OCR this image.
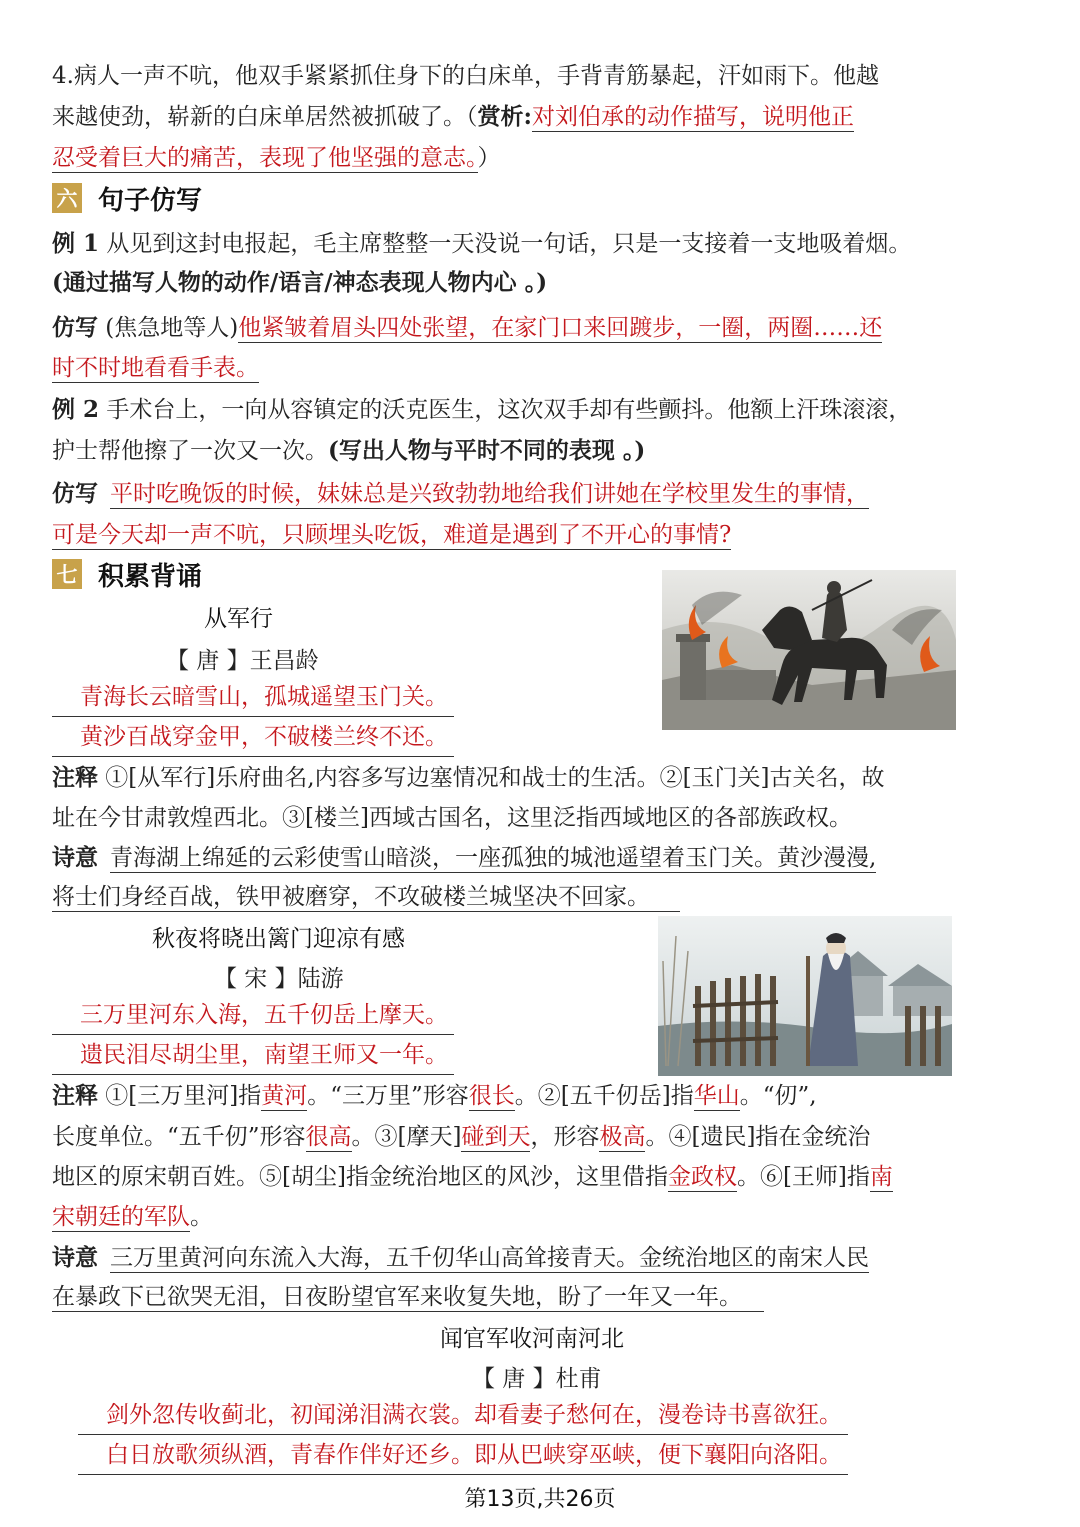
4.病人一声不吭，他双手紧紧抓住身下的白床单，手背青筋暴起，汗如雨下。他越
来越使劲，崭新的白床单居然被抓破了。（赏析:对刘伯承的动作描写，说明他正
忍受着巨大的痛苦，表现了他坚强的意志。）
六 句子仿写
例 1 从见到这封电报起，毛主席整整一天没说一句话，只是一支接着一支地吸着烟。
(通过描写人物的动作/语言/神态表现人物内心 。)
仿写 (焦急地等人)他紧皱着眉头四处张望，在家门口来回踱步，一圈，两圈……还
时不时地看看手表。
例 2 手术台上，一向从容镇定的沃克医生，这次双手却有些颤抖。他额上汗珠滚滚，
护士帮他擦了一次又一次。(写出人物与平时不同的表现 。)
仿写 平时吃晚饭的时候，妹妹总是兴致勃勃地给我们讲她在学校里发生的事情，
可是今天却一声不吭，只顾埋头吃饭，难道是遇到了不开心的事情?
七 积累背诵
从军行
【 唐 】王昌龄
青海长云暗雪山，孤城遥望玉门关。
黄沙百战穿金甲，不破楼兰终不还。
注释 ①[从军行]乐府曲名,内容多写边塞情况和战士的生活。②[玉门关]古关名，故
址在今甘肃敦煌西北。③[楼兰]西域古国名，这里泛指西域地区的各部族政权。
诗意 青海湖上绵延的云彩使雪山暗淡，一座孤独的城池遥望着玉门关。黄沙漫漫,
将士们身经百战，铁甲被磨穿，不攻破楼兰城坚决不回家。
秋夜将晓出篱门迎凉有感
【 宋 】陆游
三万里河东入海，五千仞岳上摩天。
遗民泪尽胡尘里，南望王师又一年。
注释 ①[三万里河]指黄河。“三万里”形容很长。②[五千仞岳]指华山。“仞”,
长度单位。“五千仞”形容很高。③[摩天]碰到天，形容极高。④[遗民]指在金统治
地区的原宋朝百姓。⑤[胡尘]指金统治地区的风沙，这里借指金政权。⑥[王师]指南
宋朝廷的军队。
诗意 三万里黄河向东流入大海，五千仞华山高耸接青天。金统治地区的南宋人民
在暴政下已欲哭无泪，日夜盼望官军来收复失地，盼了一年又一年。
闻官军收河南河北
【 唐 】杜甫
剑外忽传收蓟北，初闻涕泪满衣裳。却看妻子愁何在，漫卷诗书喜欲狂。
白日放歌须纵酒，青春作伴好还乡。即从巴峡穿巫峡，便下襄阳向洛阳。
第13页,共26页
